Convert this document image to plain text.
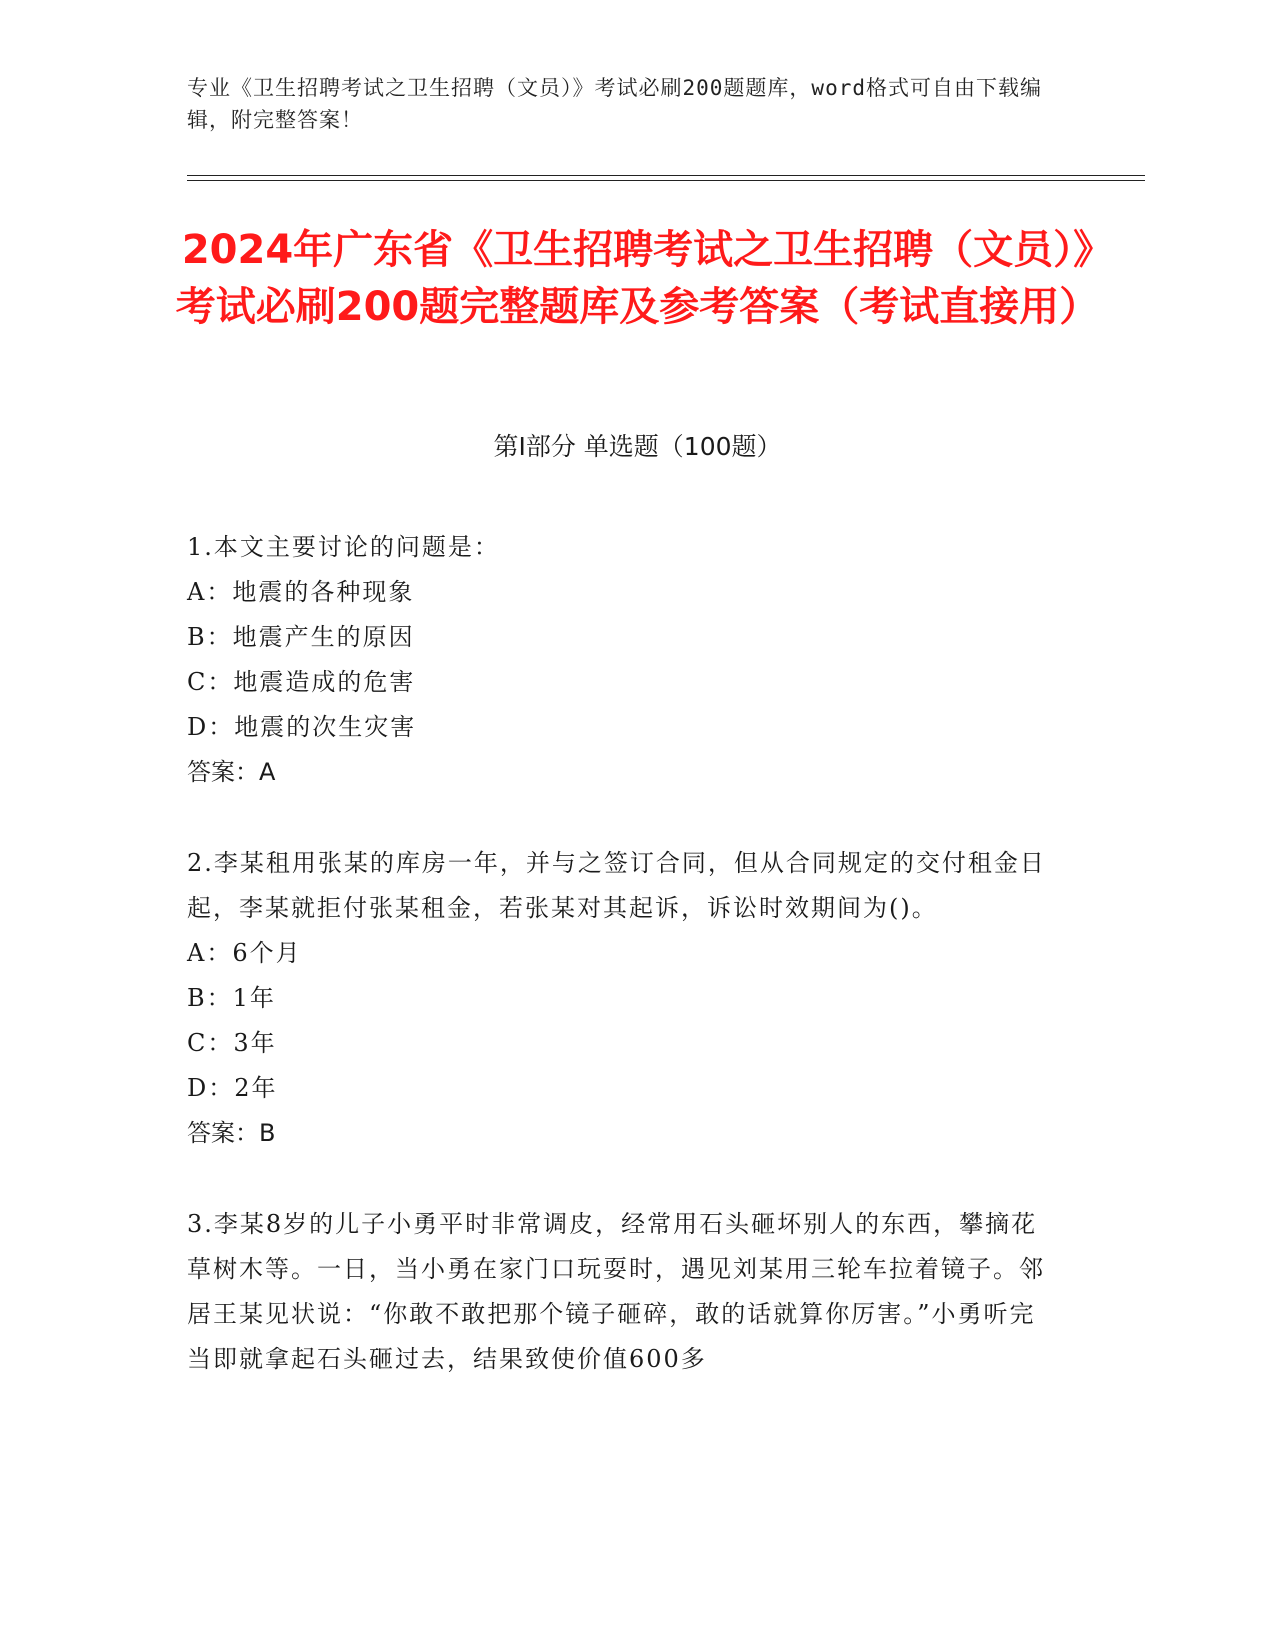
专业《卫生招聘考试之卫生招聘（文员）》考试必刷200题题库，word格式可自由下载编辑，附完整答案！
2024年广东省《卫生招聘考试之卫生招聘（文员）》考试必刷200题完整题库及参考答案（考试直接用）
第I部分 单选题（100题）

1.本文主要讨论的问题是：

A：地震的各种现象

B：地震产生的原因

C：地震造成的危害

D：地震的次生灾害

答案：A

2.李某租用张某的库房一年，并与之签订合同，但从合同规定的交付租金日起，李某就拒付张某租金，若张某对其起诉，诉讼时效期间为()。

A：6个月

B：1年

C：3年

D：2年

答案：B

3.李某8岁的儿子小勇平时非常调皮，经常用石头砸坏别人的东西，攀摘花草树木等。一日，当小勇在家门口玩耍时，遇见刘某用三轮车拉着镜子。邻居王某见状说：“你敢不敢把那个镜子砸碎，敢的话就算你厉害。”小勇听完当即就拿起石头砸过去，结果致使价值600多
